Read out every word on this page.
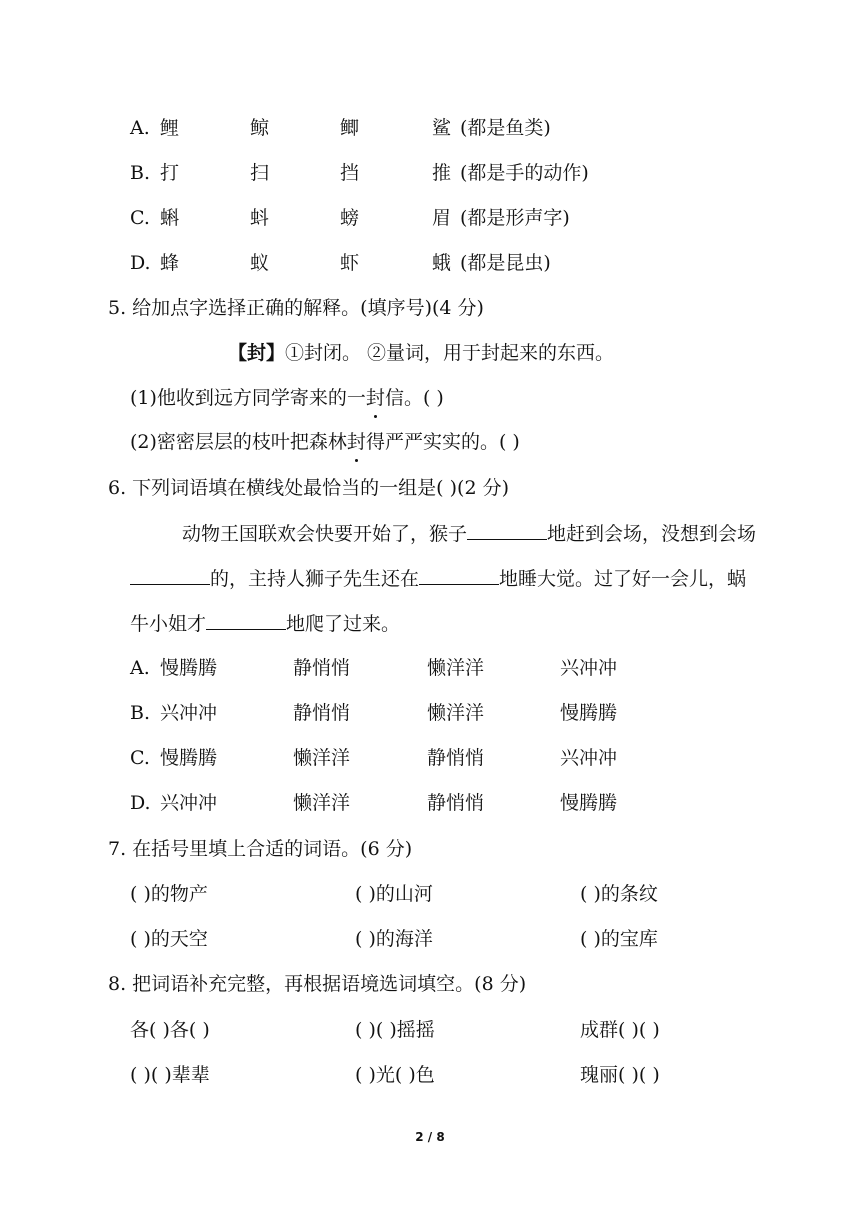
A. 鲤	鲸	鲫	鲨 (都是鱼类)
B. 打	扫	挡	推 (都是手的动作)
C. 蝌	蚪	螃	眉 (都是形声字)
D. 蜂	蚁	虾	蛾 (都是昆虫)
5. 给加点字选择正确的解释。(填序号)(4 分)
【封】①封闭。 ②量词，用于封起来的东西。
(1)他收到远方同学寄来的一封信。( )
(2)密密层层的枝叶把森林封得严严实实的。( )
6. 下列词语填在横线处最恰当的一组是( )(2 分)
动物王国联欢会快要开始了，猴子	地赶到会场，没想到会场
的，主持人狮子先生还在	地睡大觉。过了好一会儿，蜗
牛小姐才	地爬了过来。
A. 慢腾腾	静悄悄	懒洋洋	兴冲冲
B. 兴冲冲	静悄悄	懒洋洋	慢腾腾
C. 慢腾腾	懒洋洋	静悄悄	兴冲冲
D. 兴冲冲	懒洋洋	静悄悄	慢腾腾
7. 在括号里填上合适的词语。(6 分)
( )的物产	( )的山河	( )的条纹
( )的天空	( )的海洋	( )的宝库
8. 把词语补充完整，再根据语境选词填空。(8 分)
各( )各( )	( )( )摇摇	成群( )( )
( )( )辈辈	( )光( )色	瑰丽( )( )
2 / 8
